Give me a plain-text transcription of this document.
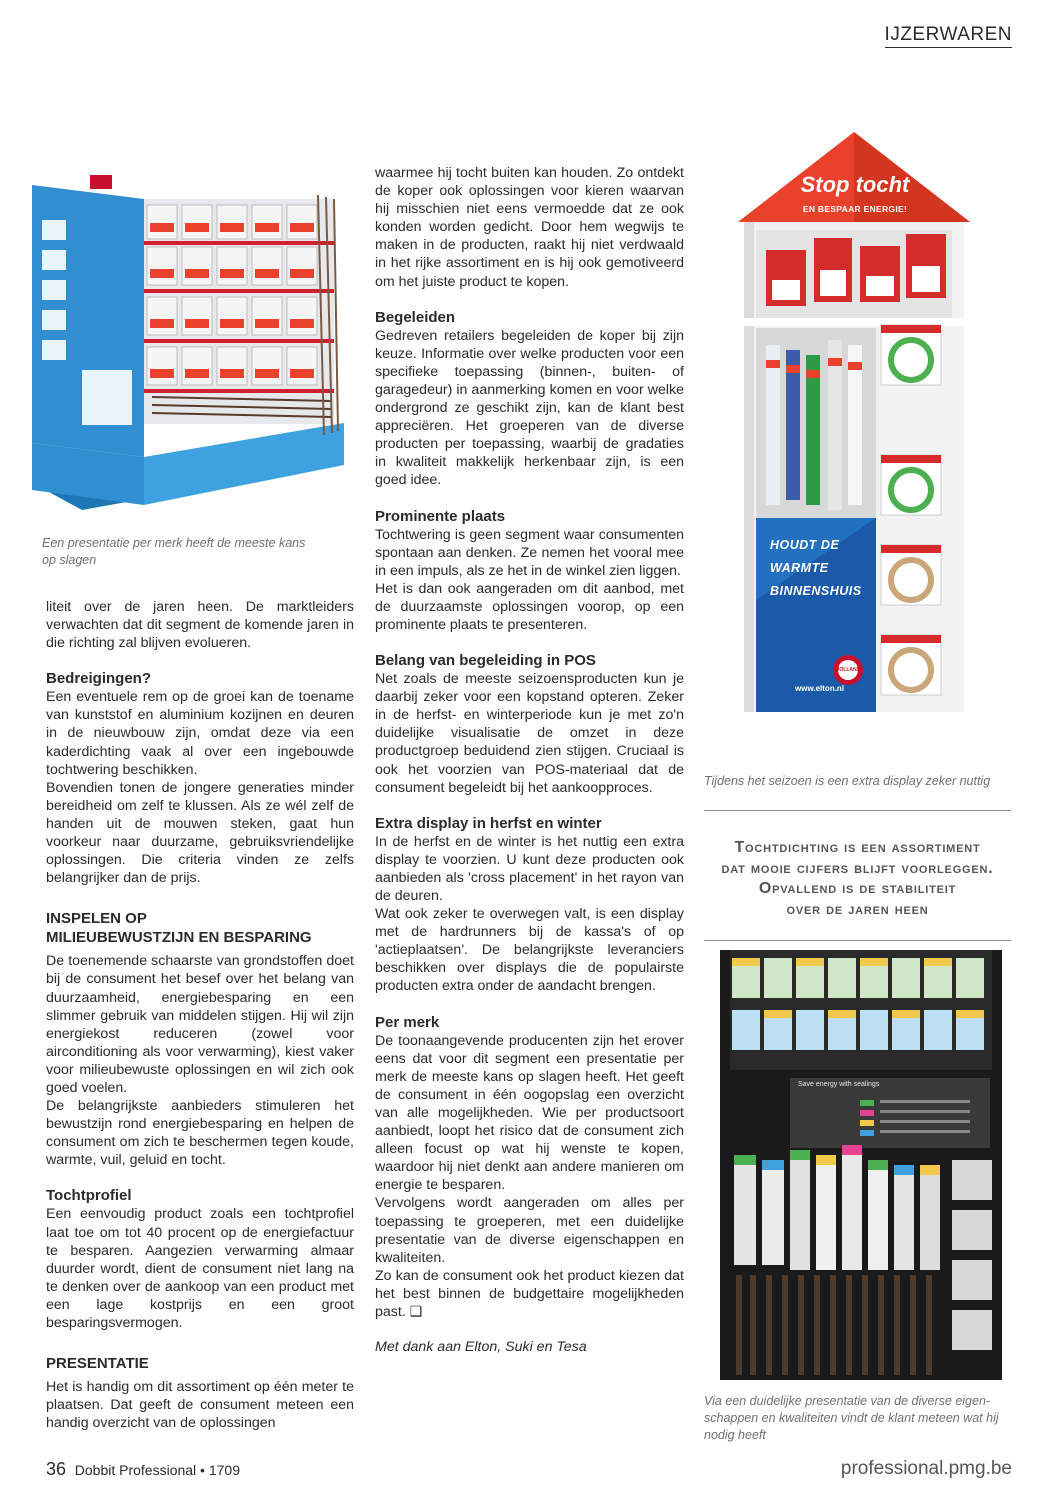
IJZERWAREN
Een presentatie per merk heeft de meeste kans op slagen

liteit over de jaren heen. De marktleiders verwachten dat dit segment de komende jaren in die richting zal blijven evolueren.

Bedreigingen?

Een eventuele rem op de groei kan de toename van kunststof en aluminium kozijnen en deuren in de nieuwbouw zijn, omdat deze via een kaderdichting vaak al over een ingebouwde tochtwering beschikken.

Bovendien tonen de jongere generaties minder bereidheid om zelf te klussen. Als ze wél zelf de handen uit de mouwen steken, gaat hun voorkeur naar duurzame, gebruiksvriendelijke oplossingen. Die criteria vinden ze zelfs belangrijker dan de prijs.

INSPELEN OP
MILIEUBEWUSTZIJN EN BESPARING

De toenemende schaarste van grondstoffen doet bij de consument het besef over het belang van duurzaamheid, energiebesparing en een slimmer gebruik van middelen stijgen. Hij wil zijn energiekost reduceren (zowel voor airconditioning als voor verwarming), kiest vaker voor milieubewuste oplossingen en wil zich ook goed voelen.

De belangrijkste aanbieders stimuleren het bewustzijn rond energiebesparing en helpen de consument om zich te beschermen tegen koude, warmte, vuil, geluid en tocht.

Tochtprofiel

Een eenvoudig product zoals een tochtprofiel laat toe om tot 40 procent op de energiefactuur te besparen. Aangezien verwarming almaar duurder wordt, dient de consument niet lang na te denken over de aankoop van een product met een lage kostprijs en een groot besparingsvermogen.

PRESENTATIE

Het is handig om dit assortiment op één meter te plaatsen. Dat geeft de consument meteen een handig overzicht van de oplossingen

waarmee hij tocht buiten kan houden. Zo ontdekt de koper ook oplossingen voor kieren waarvan hij misschien niet eens vermoedde dat ze ook konden worden gedicht. Door hem wegwijs te maken in de producten, raakt hij niet verdwaald in het rijke assortiment en is hij ook gemotiveerd om het juiste product te kopen.

Begeleiden

Gedreven retailers begeleiden de koper bij zijn keuze. Informatie over welke producten voor een specifieke toepassing (binnen-, buiten- of garagedeur) in aanmerking komen en voor welke ondergrond ze geschikt zijn, kan de klant best appreciëren. Het groeperen van de diverse producten per toepassing, waarbij de gradaties in kwaliteit makkelijk herkenbaar zijn, is een goed idee.

Prominente plaats

Tochtwering is geen segment waar consumenten spontaan aan denken. Ze nemen het vooral mee in een impuls, als ze het in de winkel zien liggen.

Het is dan ook aangeraden om dit aanbod, met de duurzaamste oplossingen voorop, op een prominente plaats te presenteren.

Belang van begeleiding in POS

Net zoals de meeste seizoensproducten kun je daarbij zeker voor een kopstand opteren. Zeker in de herfst- en winterperiode kun je met zo'n duidelijke visualisatie de omzet in deze productgroep beduidend zien stijgen. Cruciaal is ook het voorzien van POS-materiaal dat de consument begeleidt bij het aankoopproces.

Extra display in herfst en winter

In de herfst en de winter is het nuttig een extra display te voorzien. U kunt deze producten ook aanbieden als 'cross placement' in het rayon van de deuren.

Wat ook zeker te overwegen valt, is een display met de hardrunners bij de kassa's of op 'actieplaatsen'. De belangrijkste leveranciers beschikken over displays die de populairste producten extra onder de aandacht brengen.

Per merk

De toonaangevende producenten zijn het erover eens dat voor dit segment een presentatie per merk de meeste kans op slagen heeft. Het geeft de consument in één oogopslag een overzicht van alle mogelijkheden. Wie per productsoort aanbiedt, loopt het risico dat de consument zich alleen focust op wat hij wenste te kopen, waardoor hij niet denkt aan andere manieren om energie te besparen.

Vervolgens wordt aangeraden om alles per toepassing te groeperen, met een duidelijke presentatie van de diverse eigenschappen en kwaliteiten.

Zo kan de consument ook het product kiezen dat het best binnen de budgettaire mogelijkheden past. ❑

Met dank aan Elton, Suki en Tesa

Stop tocht
EN BESPAAR ENERGIE!
HOUDT DE
WARMTE
BINNENSHUIS
HOLLAND
www.elton.nl
Tijdens het seizoen is een extra display zeker nuttig
Tochtdichting is een assortiment
dat mooie cijfers blijft voorleggen.
Opvallend is de stabiliteit
over de jaren heen
Save energy with sealings
Via een duidelijke presentatie van de diverse eigen-schappen en kwaliteiten vindt de klant meteen wat hij nodig heeft
36 Dobbit Professional • 1709	professional.pmg.be
